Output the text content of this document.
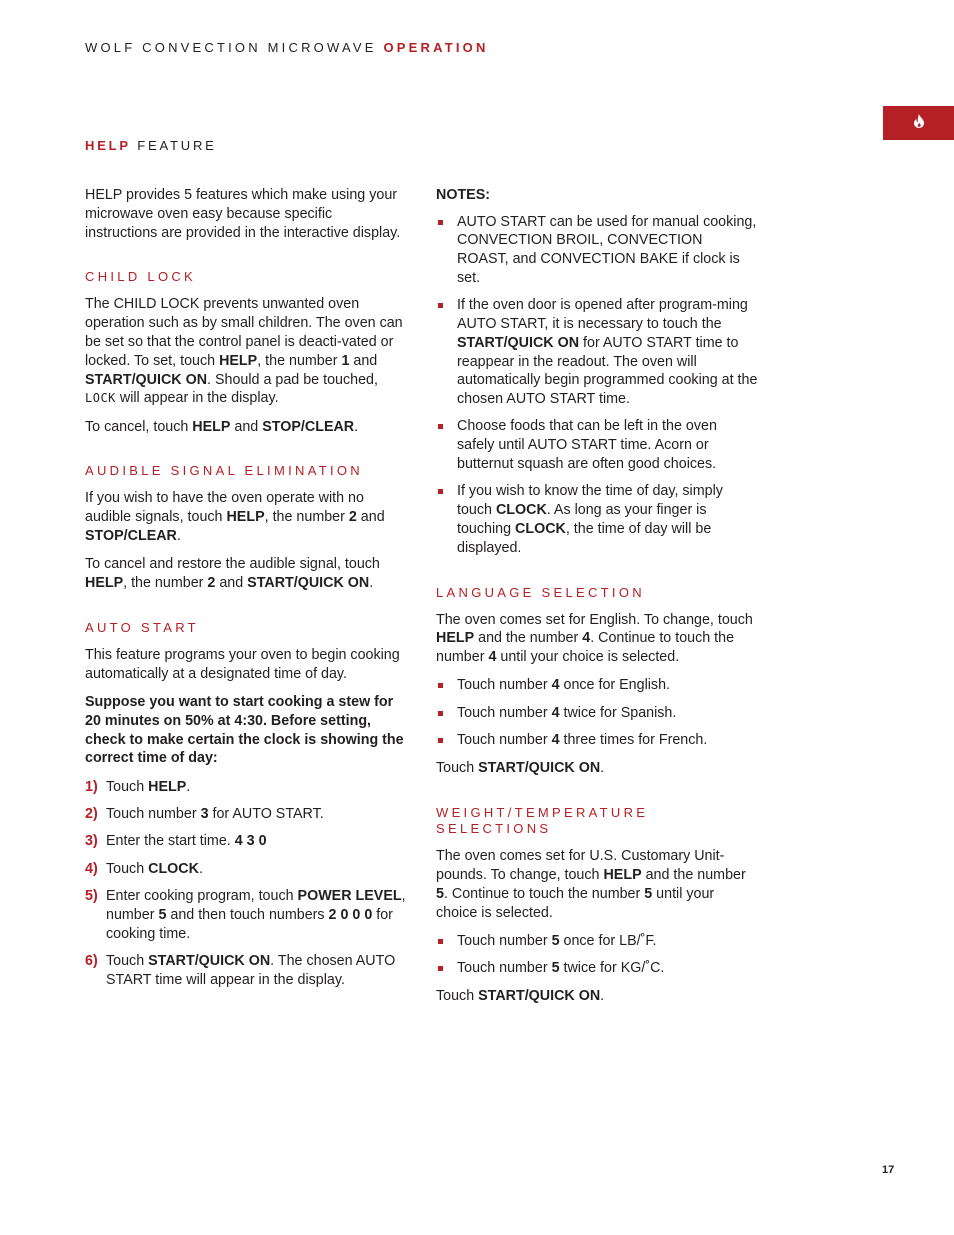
WOLF CONVECTION MICROWAVE OPERATION
HELP FEATURE

HELP provides 5 features which make using your microwave oven easy because specific instructions are provided in the interactive display.

CHILD LOCK

The CHILD LOCK prevents unwanted oven operation such as by small children. The oven can be set so that the control panel is deacti-vated or locked. To set, touch HELP, the number 1 and START/QUICK ON. Should a pad be touched, LOCK will appear in the display.

To cancel, touch HELP and STOP/CLEAR.

AUDIBLE SIGNAL ELIMINATION

If you wish to have the oven operate with no audible signals, touch HELP, the number 2 and STOP/CLEAR.

To cancel and restore the audible signal, touch HELP, the number 2 and START/QUICK ON.

AUTO START

This feature programs your oven to begin cooking automatically at a designated time of day.

Suppose you want to start cooking a stew for 20 minutes on 50% at 4:30. Before setting, check to make certain the clock is showing the correct time of day:

1) Touch HELP.
2) Touch number 3 for AUTO START.
3) Enter the start time. 4 3 0
4) Touch CLOCK.
5) Enter cooking program, touch POWER LEVEL, number 5 and then touch numbers 2 0 0 0 for cooking time.
6) Touch START/QUICK ON. The chosen AUTO START time will appear in the display.
NOTES:
AUTO START can be used for manual cooking, CONVECTION BROIL, CONVECTION ROAST, and CONVECTION BAKE if clock is set.
If the oven door is opened after program-ming AUTO START, it is necessary to touch the START/QUICK ON for AUTO START time to reappear in the readout. The oven will automatically begin programmed cooking at the chosen AUTO START time.
Choose foods that can be left in the oven safely until AUTO START time. Acorn or butternut squash are often good choices.
If you wish to know the time of day, simply touch CLOCK. As long as your finger is touching CLOCK, the time of day will be displayed.
LANGUAGE SELECTION

The oven comes set for English. To change, touch HELP and the number 4. Continue to touch the number 4 until your choice is selected.

Touch number 4 once for English.
Touch number 4 twice for Spanish.
Touch number 4 three times for French.

Touch START/QUICK ON.

WEIGHT/TEMPERATURE SELECTIONS

The oven comes set for U.S. Customary Unit-pounds. To change, touch HELP and the number 5. Continue to touch the number 5 until your choice is selected.

Touch number 5 once for LB/˚F.
Touch number 5 twice for KG/˚C.

Touch START/QUICK ON.

17
